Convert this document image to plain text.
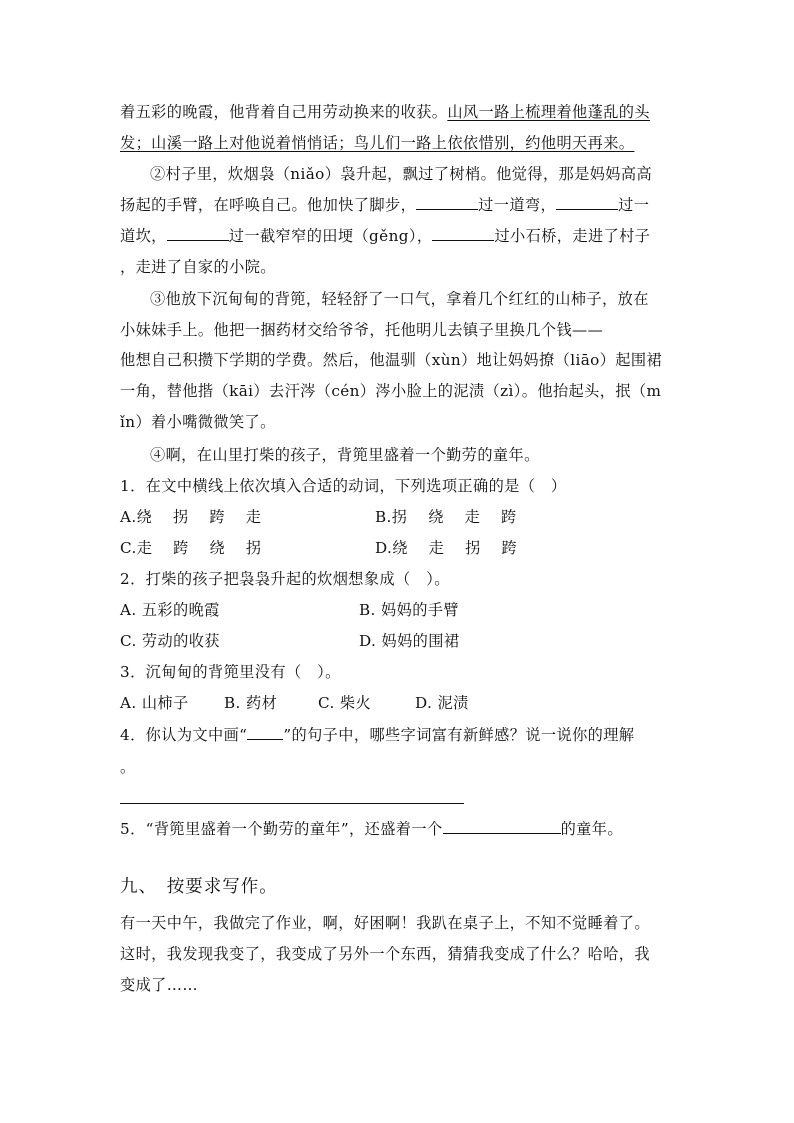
着五彩的晚霞，他背着自己用劳动换来的收获。山风一路上梳理着他蓬乱的头

发；山溪一路上对他说着悄悄话；鸟儿们一路上依依惜别，约他明天再来。

②村子里，炊烟袅（niǎo）袅升起，飘过了树梢。他觉得，那是妈妈高高

扬起的手臂，在呼唤自己。他加快了脚步，	过一道弯，	过一

道坎，	过一截窄窄的田埂（gěng），	过小石桥，走进了村子

，走进了自家的小院。

③他放下沉甸甸的背篼，轻轻舒了一口气，拿着几个红红的山柿子，放在

小妹妹手上。他把一捆药材交给爷爷，托他明儿去镇子里换几个钱——

他想自己积攒下学期的学费。然后，他温驯（xùn）地让妈妈撩（liāo）起围裙

一角，替他揩（kāi）去汗涔（cén）涔小脸上的泥渍（zì）。他抬起头，抿（m

ǐn）着小嘴微微笑了。

④啊，在山里打柴的孩子，背篼里盛着一个勤劳的童年。

1．在文中横线上依次填入合适的动词，下列选项正确的是（　）

A.绕　 拐　 跨　 走	B.拐　 绕　 走　 跨

C.走　 跨　 绕　 拐	D.绕　 走　 拐　 跨

2．打柴的孩子把袅袅升起的炊烟想象成（　）。

A. 五彩的晚霞	B. 妈妈的手臂

C. 劳动的收获	D. 妈妈的围裙

3．沉甸甸的背篼里没有（　）。

A. 山柿子 B. 药材	C. 柴火	D. 泥渍

4．你认为文中画“ ”的句子中，哪些字词富有新鲜感？说一说你的理解

。

5．“背篼里盛着一个勤劳的童年”，还盛着一个	的童年。

九、　按要求写作。

有一天中午，我做完了作业，啊，好困啊！我趴在桌子上，不知不觉睡着了。

这时，我发现我变了，我变成了另外一个东西，猜猜我变成了什么？哈哈，我

变成了……
